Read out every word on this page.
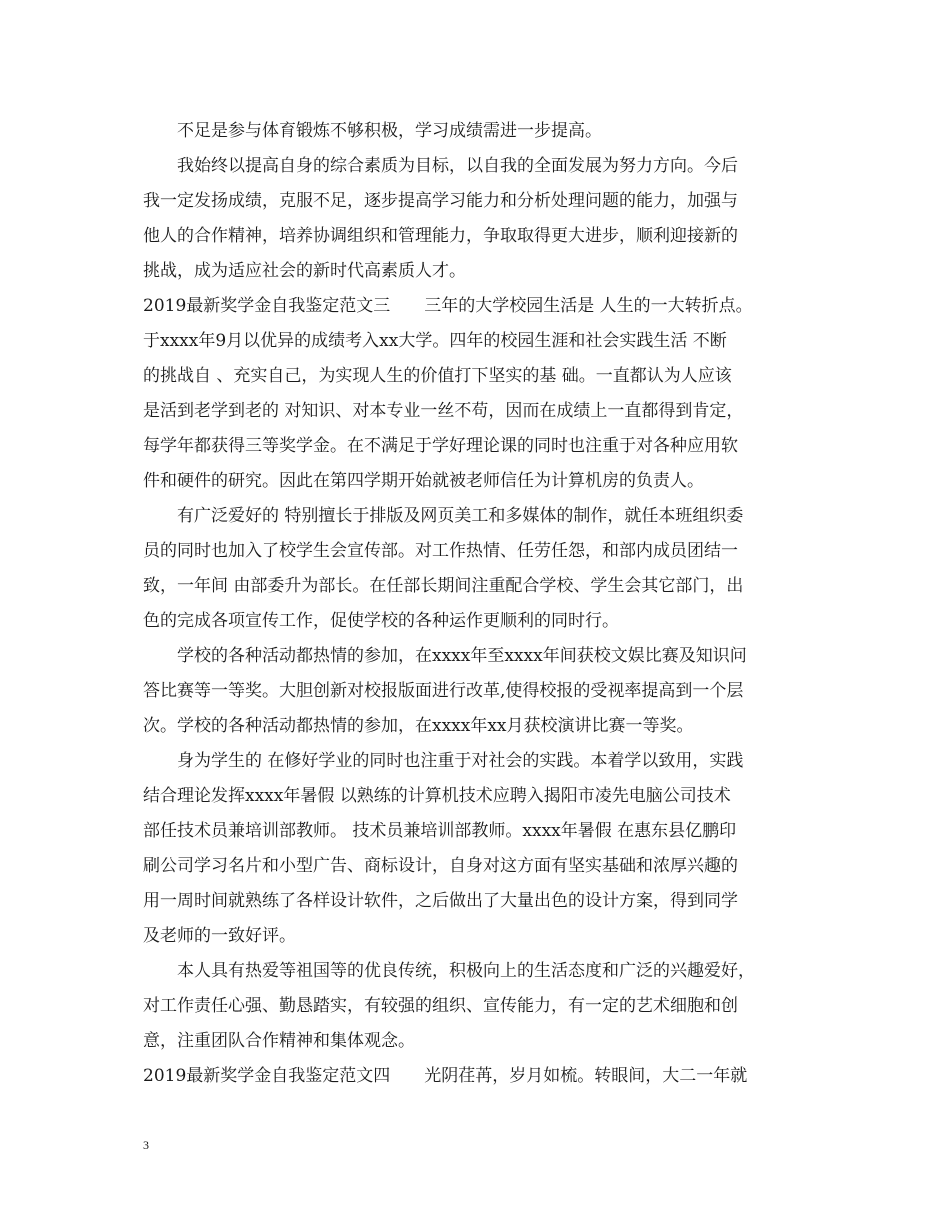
不足是参与体育锻炼不够积极，学习成绩需进一步提高。
我始终以提高自身的综合素质为目标，以自我的全面发展为努力方向。今后
我一定发扬成绩，克服不足，逐步提高学习能力和分析处理问题的能力，加强与
他人的合作精神，培养协调组织和管理能力，争取取得更大进步，顺利迎接新的
挑战，成为适应社会的新时代高素质人才。
2019最新奖学金自我鉴定范文三　　三年的大学校园生活是 人生的一大转折点。
于xxxx年9月以优异的成绩考入xx大学。四年的校园生涯和社会实践生活 不断
的挑战自 、充实自己，为实现人生的价值打下坚实的基 础。一直都认为人应该
是活到老学到老的 对知识、对本专业一丝不苟，因而在成绩上一直都得到肯定，
每学年都获得三等奖学金。在不满足于学好理论课的同时也注重于对各种应用软
件和硬件的研究。因此在第四学期开始就被老师信任为计算机房的负责人。
有广泛爱好的 特别擅长于排版及网页美工和多媒体的制作，就任本班组织委
员的同时也加入了校学生会宣传部。对工作热情、任劳任怨，和部内成员团结一
致，一年间 由部委升为部长。在任部长期间注重配合学校、学生会其它部门，出
色的完成各项宣传工作，促使学校的各种运作更顺利的同时行。
学校的各种活动都热情的参加，在xxxx年至xxxx年间获校文娱比赛及知识问
答比赛等一等奖。大胆创新对校报版面进行改革,使得校报的受视率提高到一个层
次。学校的各种活动都热情的参加，在xxxx年xx月获校演讲比赛一等奖。
身为学生的 在修好学业的同时也注重于对社会的实践。本着学以致用，实践
结合理论发挥xxxx年暑假 以熟练的计算机技术应聘入揭阳市凌先电脑公司技术
部任技术员兼培训部教师。 技术员兼培训部教师。xxxx年暑假 在惠东县亿鹏印
刷公司学习名片和小型广告、商标设计，自身对这方面有坚实基础和浓厚兴趣的
用一周时间就熟练了各样设计软件，之后做出了大量出色的设计方案，得到同学
及老师的一致好评。
本人具有热爱等祖国等的优良传统，积极向上的生活态度和广泛的兴趣爱好，
对工作责任心强、勤恳踏实，有较强的组织、宣传能力，有一定的艺术细胞和创
意，注重团队合作精神和集体观念。
2019最新奖学金自我鉴定范文四　　光阴荏苒，岁月如梳。转眼间，大二一年就
3
